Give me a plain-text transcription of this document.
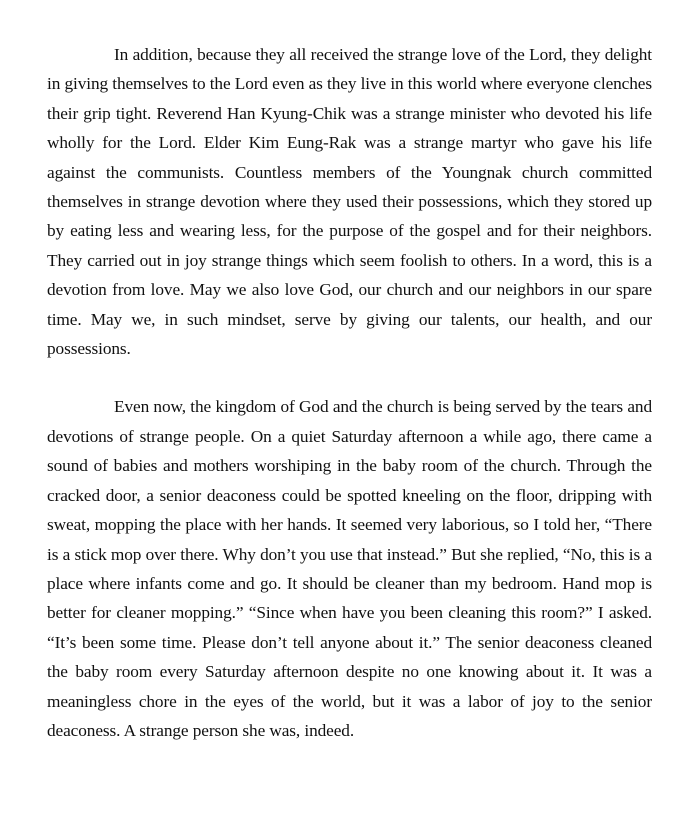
In addition, because they all received the strange love of the Lord, they delight in giving themselves to the Lord even as they live in this world where everyone clenches their grip tight. Reverend Han Kyung-Chik was a strange minister who devoted his life wholly for the Lord. Elder Kim Eung-Rak was a strange martyr who gave his life against the communists. Countless members of the Youngnak church committed themselves in strange devotion where they used their possessions, which they stored up by eating less and wearing less, for the purpose of the gospel and for their neighbors. They carried out in joy strange things which seem foolish to others. In a word, this is a devotion from love. May we also love God, our church and our neighbors in our spare time. May we, in such mindset, serve by giving our talents, our health, and our possessions.

Even now, the kingdom of God and the church is being served by the tears and devotions of strange people. On a quiet Saturday afternoon a while ago, there came a sound of babies and mothers worshiping in the baby room of the church. Through the cracked door, a senior deaconess could be spotted kneeling on the floor, dripping with sweat, mopping the place with her hands. It seemed very laborious, so I told her, “There is a stick mop over there. Why don’t you use that instead.” But she replied, “No, this is a place where infants come and go. It should be cleaner than my bedroom. Hand mop is better for cleaner mopping.” “Since when have you been cleaning this room?” I asked. “It’s been some time. Please don’t tell anyone about it.” The senior deaconess cleaned the baby room every Saturday afternoon despite no one knowing about it. It was a meaningless chore in the eyes of the world, but it was a labor of joy to the senior deaconess. A strange person she was, indeed.
